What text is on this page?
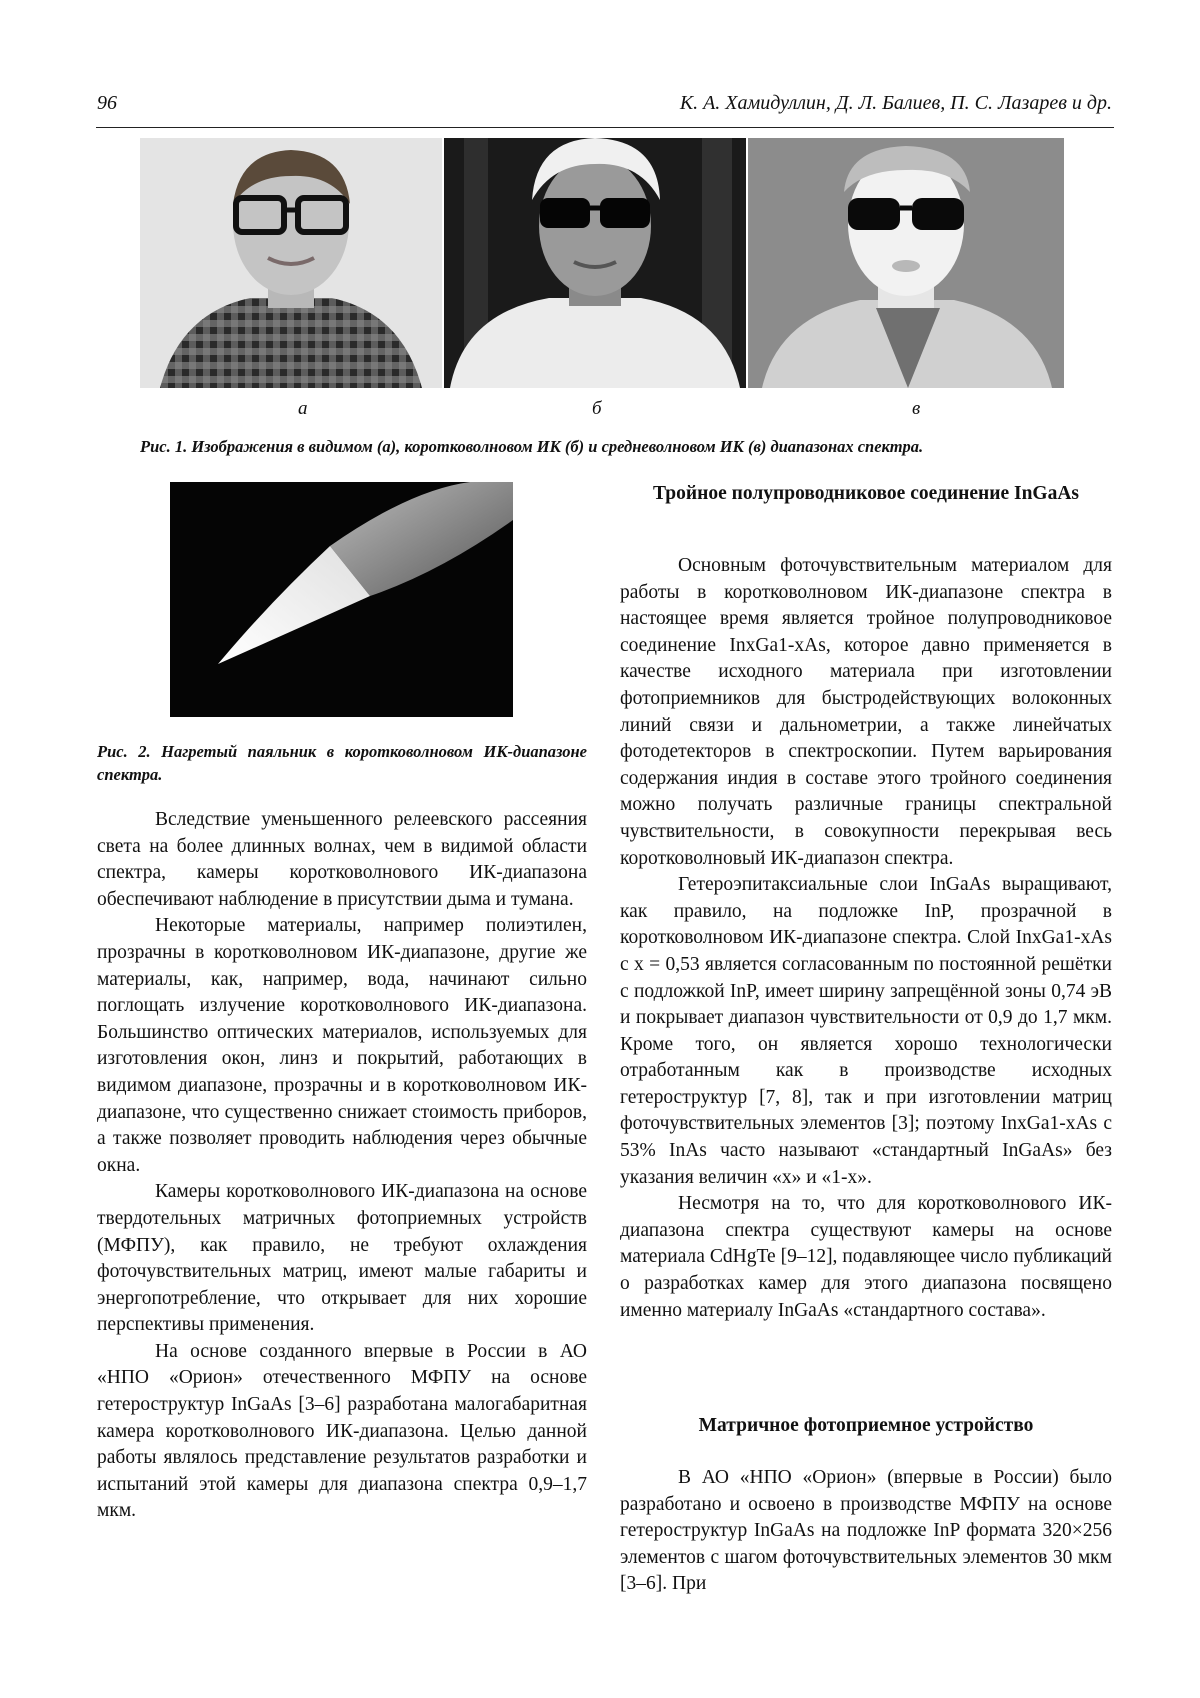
96	К. А. Хамидуллин, Д. Л. Балиев, П. С. Лазарев и др.
а	б	в
Рис. 1. Изображения в видимом (а), коротковолновом ИК (б) и средневолновом ИК (в) диапазонах спектра.
Рис. 2. Нагретый паяльник в коротковолновом ИК-диапазоне спектра.

Вследствие уменьшенного релеевского рассеяния света на более длинных волнах, чем в видимой области спектра, камеры коротковолнового ИК-диапазона обеспечивают наблюдение в присутствии дыма и тумана.

Некоторые материалы, например полиэтилен, прозрачны в коротковолновом ИК-диапазоне, другие же материалы, как, например, вода, начинают сильно поглощать излучение коротковолнового ИК-диапазона. Большинство оптических материалов, используемых для изготовления окон, линз и покрытий, работающих в видимом диапазоне, прозрачны и в коротковолновом ИК-диапазоне, что существенно снижает стоимость приборов, а также позволяет проводить наблюдения через обычные окна.

Камеры коротковолнового ИК-диапазона на основе твердотельных матричных фотоприемных устройств (МФПУ), как правило, не требуют охлаждения фоточувствительных матриц, имеют малые габариты и энергопотребление, что открывает для них хорошие перспективы применения.

На основе созданного впервые в России в АО «НПО «Орион» отечественного МФПУ на основе гетероструктур InGaAs [3–6] разработана малогабаритная камера коротковолнового ИК-диапазона. Целью данной работы являлось представление результатов разработки и испытаний этой камеры для диапазона спектра 0,9–1,7 мкм.

Тройное полупроводниковое соединение InGaAs

Основным фоточувствительным материалом для работы в коротковолновом ИК-диапазоне спектра в настоящее время является тройное полупроводниковое соединение InxGa1-xAs, которое давно применяется в качестве исходного материала при изготовлении фотоприемников для быстродействующих волоконных линий связи и дальнометрии, а также линейчатых фотодетекторов в спектроскопии. Путем варьирования содержания индия в составе этого тройного соединения можно получать различные границы спектральной чувствительности, в совокупности перекрывая весь коротковолновый ИК-диапазон спектра.

Гетероэпитаксиальные слои InGaAs выращивают, как правило, на подложке InP, прозрачной в коротковолновом ИК-диапазоне спектра. Слой InxGa1-xAs с x = 0,53 является согласованным по постоянной решётки с подложкой InP, имеет ширину запрещённой зоны 0,74 эВ и покрывает диапазон чувствительности от 0,9 до 1,7 мкм. Кроме того, он является хорошо технологически отработанным как в производстве исходных гетероструктур [7, 8], так и при изготовлении матриц фоточувствительных элементов [3]; поэтому InxGa1-xAs с 53% InAs часто называют «стандартный InGaAs» без указания величин «x» и «1-x».

Несмотря на то, что для коротковолнового ИК-диапазона спектра существуют камеры на основе материала CdHgTe [9–12], подавляющее число публикаций о разработках камер для этого диапазона посвящено именно материалу InGaAs «стандартного состава».

Матричное фотоприемное устройство

В АО «НПО «Орион» (впервые в России) было разработано и освоено в производстве МФПУ на основе гетероструктур InGaAs на подложке InP формата 320×256 элементов с шагом фоточувствительных элементов 30 мкм [3–6]. При
